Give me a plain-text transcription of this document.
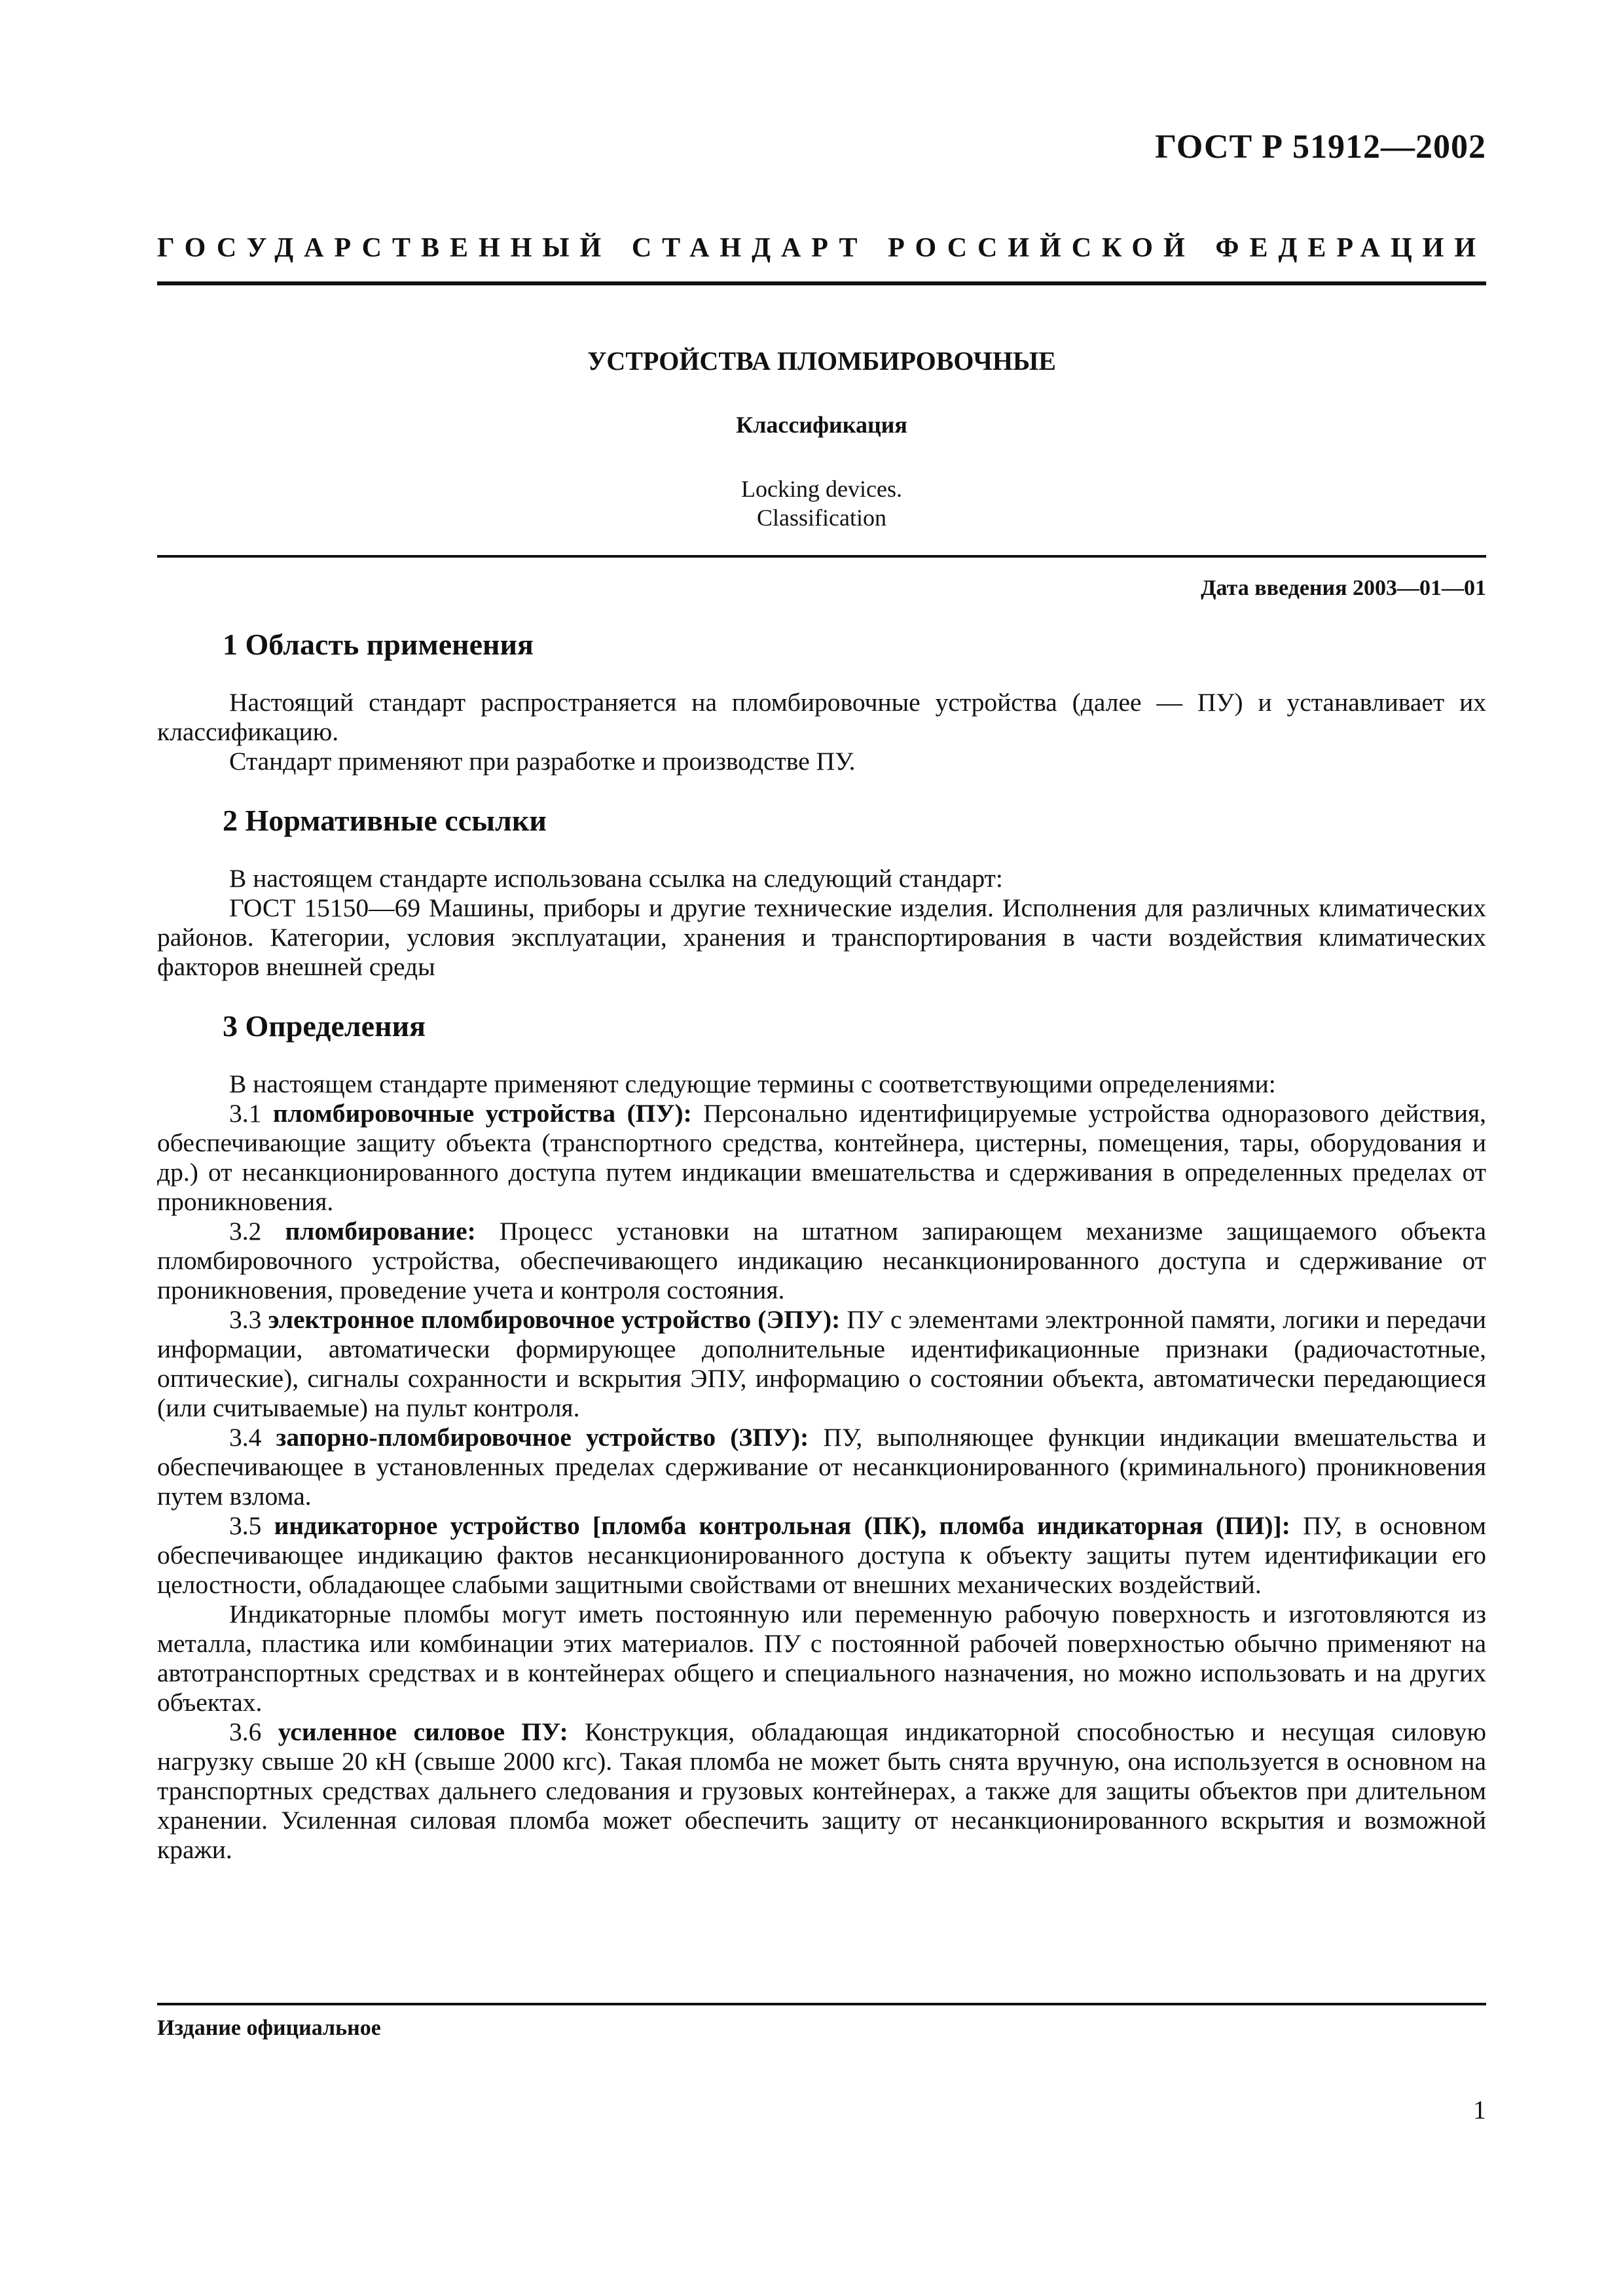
ГОСТ Р 51912—2002
ГОСУДАРСТВЕННЫЙ СТАНДАРТ РОССИЙСКОЙ ФЕДЕРАЦИИ
УСТРОЙСТВА ПЛОМБИРОВОЧНЫЕ
Классификация
Locking devices.
Classification
Дата введения 2003—01—01
1 Область применения

Настоящий стандарт распространяется на пломбировочные устройства (далее — ПУ) и устанавливает их классификацию.

Стандарт применяют при разработке и производстве ПУ.

2 Нормативные ссылки

В настоящем стандарте использована ссылка на следующий стандарт:

ГОСТ 15150—69 Машины, приборы и другие технические изделия. Исполнения для различных климатических районов. Категории, условия эксплуатации, хранения и транспортирования в части воздействия климатических факторов внешней среды

3 Определения

В настоящем стандарте применяют следующие термины с соответствующими определениями:

3.1 пломбировочные устройства (ПУ): Персонально идентифицируемые устройства одноразового действия, обеспечивающие защиту объекта (транспортного средства, контейнера, цистерны, помещения, тары, оборудования и др.) от несанкционированного доступа путем индикации вмешательства и сдерживания в определенных пределах от проникновения.

3.2 пломбирование: Процесс установки на штатном запирающем механизме защищаемого объекта пломбировочного устройства, обеспечивающего индикацию несанкционированного доступа и сдерживание от проникновения, проведение учета и контроля состояния.

3.3 электронное пломбировочное устройство (ЭПУ): ПУ с элементами электронной памяти, логики и передачи информации, автоматически формирующее дополнительные идентификационные признаки (радиочастотные, оптические), сигналы сохранности и вскрытия ЭПУ, информацию о состоянии объекта, автоматически передающиеся (или считываемые) на пульт контроля.

3.4 запорно-пломбировочное устройство (ЗПУ): ПУ, выполняющее функции индикации вмешательства и обеспечивающее в установленных пределах сдерживание от несанкционированного (криминального) проникновения путем взлома.

3.5 индикаторное устройство [пломба контрольная (ПК), пломба индикаторная (ПИ)]: ПУ, в основном обеспечивающее индикацию фактов несанкционированного доступа к объекту защиты путем идентификации его целостности, обладающее слабыми защитными свойствами от внешних механических воздействий.

Индикаторные пломбы могут иметь постоянную или переменную рабочую поверхность и изготовляются из металла, пластика или комбинации этих материалов. ПУ с постоянной рабочей поверхностью обычно применяют на автотранспортных средствах и в контейнерах общего и специального назначения, но можно использовать и на других объектах.

3.6 усиленное силовое ПУ: Конструкция, обладающая индикаторной способностью и несущая силовую нагрузку свыше 20 кН (свыше 2000 кгс). Такая пломба не может быть снята вручную, она используется в основном на транспортных средствах дальнего следования и грузовых контейнерах, а также для защиты объектов при длительном хранении. Усиленная силовая пломба может обеспечить защиту от несанкционированного вскрытия и возможной кражи.

Издание официальное
1
